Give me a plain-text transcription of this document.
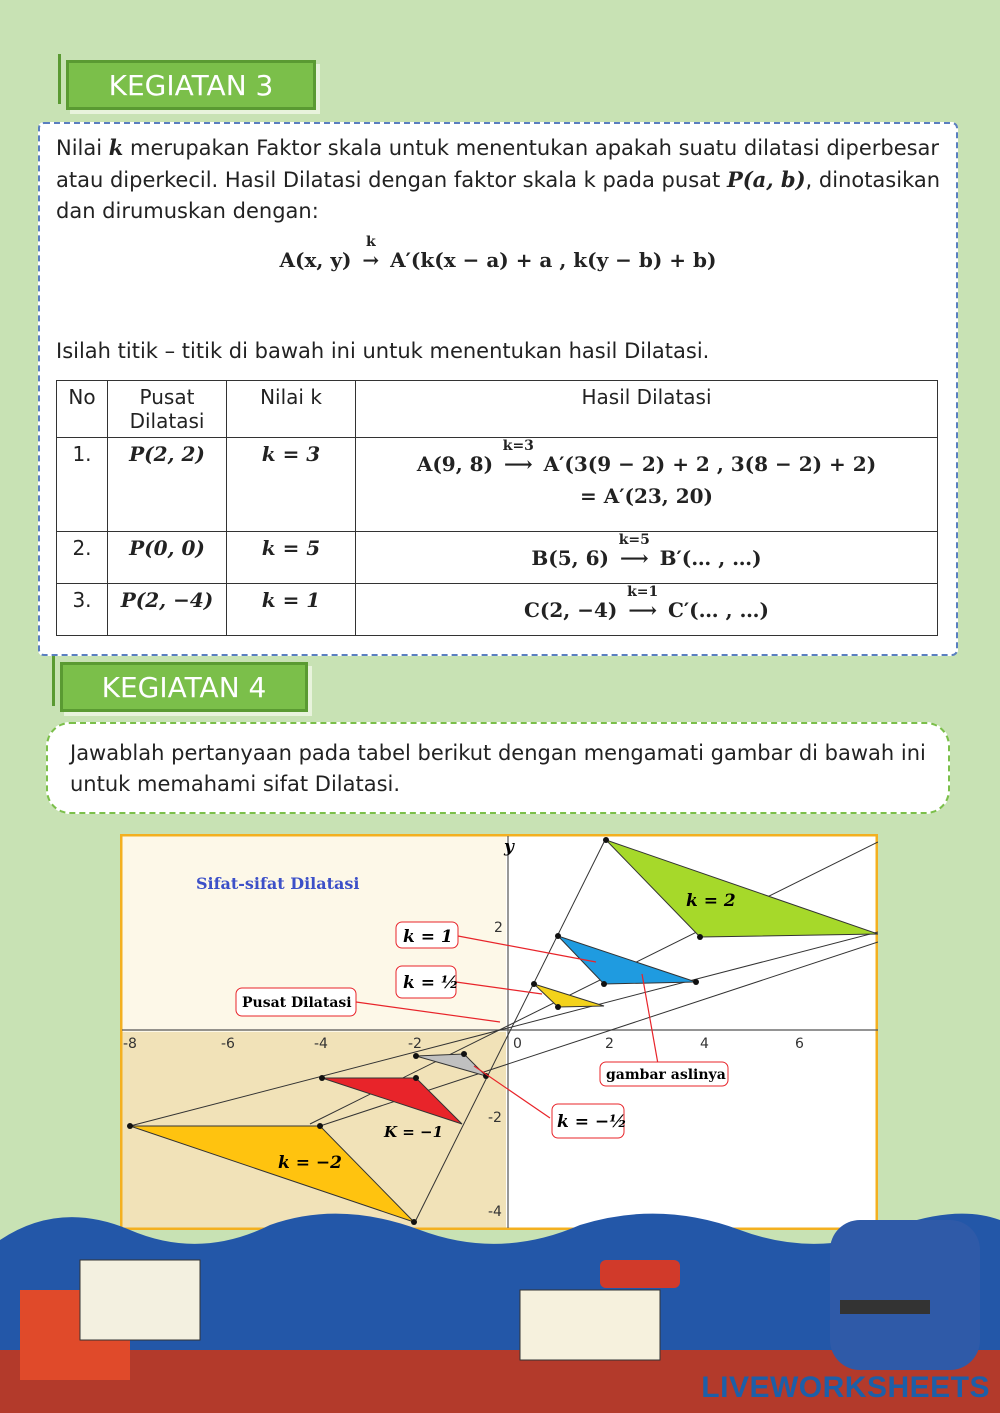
KEGIATAN 3
Nilai k merupakan Faktor skala untuk menentukan apakah suatu dilatasi diperbesar atau diperkecil. Hasil Dilatasi dengan faktor skala k pada pusat P(a, b), dinotasikan dan dirumuskan dengan:
A(x, y)
k
→ A′(k(x − a) + a , k(y − b) + b)
Isilah titik – titik di bawah ini untuk menentukan hasil Dilatasi.
No	Pusat Dilatasi	Nilai k	Hasil Dilatasi
1.	P(2, 2)	k = 3	A(9, 8)
k=3
⟶ A′(3(9 − 2) + 2 , 3(8 − 2) + 2)
= A′(23, 20)

2.	P(0, 0)	k = 5	B(5, 6)
k=5
⟶ B′(… , …)
3.	P(2, −4)	k = 1	C(2, −4)
k=1
⟶ C′(… , …)
KEGIATAN 4
Jawablah pertanyaan pada tabel berikut dengan mengamati gambar di bawah ini untuk memahami sifat Dilatasi.
y
Sifat-sifat Dilatasi
-8	-6	-4	-2	0	2	4	6
2
-2
-4
k = 2
k = 1
k = ½
k = −½
K = −1
k = −2
Pusat Dilatasi
gambar aslinya
LIVEWORKSHEETS
